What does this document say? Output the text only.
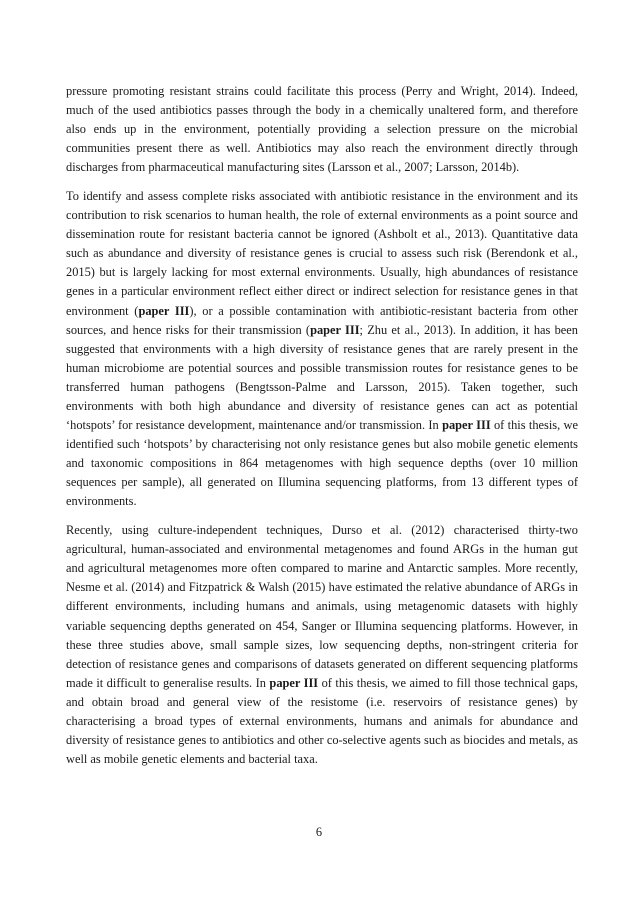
pressure promoting resistant strains could facilitate this process (Perry and Wright, 2014). Indeed, much of the used antibiotics passes through the body in a chemically unaltered form, and therefore also ends up in the environment, potentially providing a selection pressure on the microbial communities present there as well. Antibiotics may also reach the environment directly through discharges from pharmaceutical manufacturing sites (Larsson et al., 2007; Larsson, 2014b).

To identify and assess complete risks associated with antibiotic resistance in the environment and its contribution to risk scenarios to human health, the role of external environments as a point source and dissemination route for resistant bacteria cannot be ignored (Ashbolt et al., 2013). Quantitative data such as abundance and diversity of resistance genes is crucial to assess such risk (Berendonk et al., 2015) but is largely lacking for most external environments. Usually, high abundances of resistance genes in a particular environment reflect either direct or indirect selection for resistance genes in that environment (paper III), or a possible contamination with antibiotic-resistant bacteria from other sources, and hence risks for their transmission (paper III; Zhu et al., 2013). In addition, it has been suggested that environments with a high diversity of resistance genes that are rarely present in the human microbiome are potential sources and possible transmission routes for resistance genes to be transferred human pathogens (Bengtsson-Palme and Larsson, 2015). Taken together, such environments with both high abundance and diversity of resistance genes can act as potential ‘hotspots’ for resistance development, maintenance and/or transmission. In paper III of this thesis, we identified such ‘hotspots’ by characterising not only resistance genes but also mobile genetic elements and taxonomic compositions in 864 metagenomes with high sequence depths (over 10 million sequences per sample), all generated on Illumina sequencing platforms, from 13 different types of environments.

Recently, using culture-independent techniques, Durso et al. (2012) characterised thirty-two agricultural, human-associated and environmental metagenomes and found ARGs in the human gut and agricultural metagenomes more often compared to marine and Antarctic samples. More recently, Nesme et al. (2014) and Fitzpatrick & Walsh (2015) have estimated the relative abundance of ARGs in different environments, including humans and animals, using metagenomic datasets with highly variable sequencing depths generated on 454, Sanger or Illumina sequencing platforms. However, in these three studies above, small sample sizes, low sequencing depths, non-stringent criteria for detection of resistance genes and comparisons of datasets generated on different sequencing platforms made it difficult to generalise results. In paper III of this thesis, we aimed to fill those technical gaps, and obtain broad and general view of the resistome (i.e. reservoirs of resistance genes) by characterising a broad types of external environments, humans and animals for abundance and diversity of resistance genes to antibiotics and other co-selective agents such as biocides and metals, as well as mobile genetic elements and bacterial taxa.

6
